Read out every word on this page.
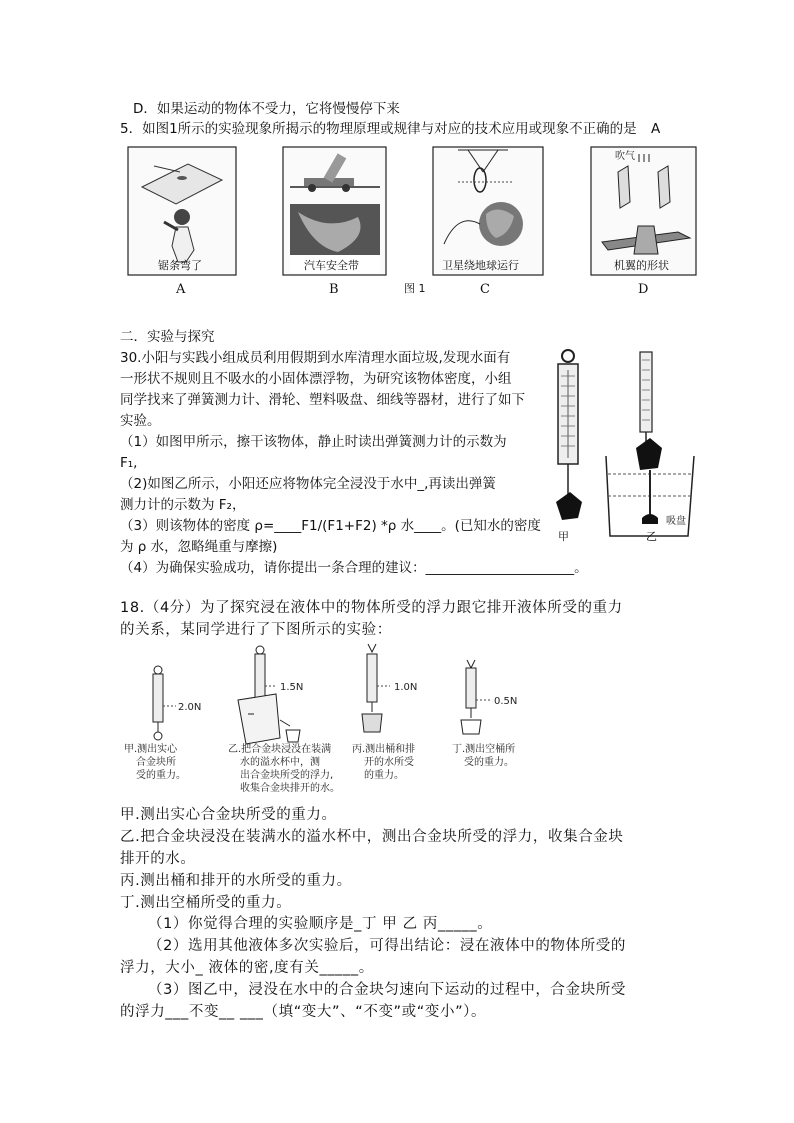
D．如果运动的物体不受力，它将慢慢停下来
5．如图1所示的实验现象所揭示的物理原理或规律与对应的技术应用或现象不正确的是 A
锯条弯了
A
汽车安全带
B
卫星绕地球运行
C
吹气
机翼的形状
D
图 1
二．实验与探究
30.小阳与实践小组成员利用假期到水库清理水面垃圾,发现水面有
一形状不规则且不吸水的小固体漂浮物，为研究该物体密度，小组
同学找来了弹簧测力计、滑轮、塑料吸盘、细线等器材，进行了如下
实验。
（1）如图甲所示，擦干该物体，静止时读出弹簧测力计的示数为
F₁,
（2)如图乙所示，小阳还应将物体完全浸没于水中_,再读出弹簧
测力计的示数为 F₂，
（3）则该物体的密度 ρ=____F1/(F1+F2) *ρ 水____。(已知水的密度
为 ρ 水，忽略绳重与摩擦)
（4）为确保实验成功，请你提出一条合理的建议：______________________。
甲	乙
吸盘
18.（4分）为了探究浸在液体中的物体所受的浮力跟它排开液体所受的重力
的关系，某同学进行了下图所示的实验：
2.0N
1.5N	1.0N
0.5N
甲.测出实心
合金块所
受的重力。
乙.把合金块浸没在装满
水的溢水杯中，测
出合金块所受的浮力,
收集合金块排开的水。
丙.测出桶和排
开的水所受
的重力。
丁.测出空桶所
受的重力。
甲.测出实心合金块所受的重力。
乙.把合金块浸没在装满水的溢水杯中，测出合金块所受的浮力，收集合金块
排开的水。
丙.测出桶和排开的水所受的重力。
丁.测出空桶所受的重力。
（1）你觉得合理的实验顺序是_丁 甲 乙 丙_____。
（2）选用其他液体多次实验后，可得出结论：浸在液体中的物体所受的
浮力，大小_ 液体的密,度有关_____。
（3）图乙中，浸没在水中的合金块匀速向下运动的过程中，合金块所受
的浮力___不变__ ___（填“变大”、“不变”或“变小”）。
